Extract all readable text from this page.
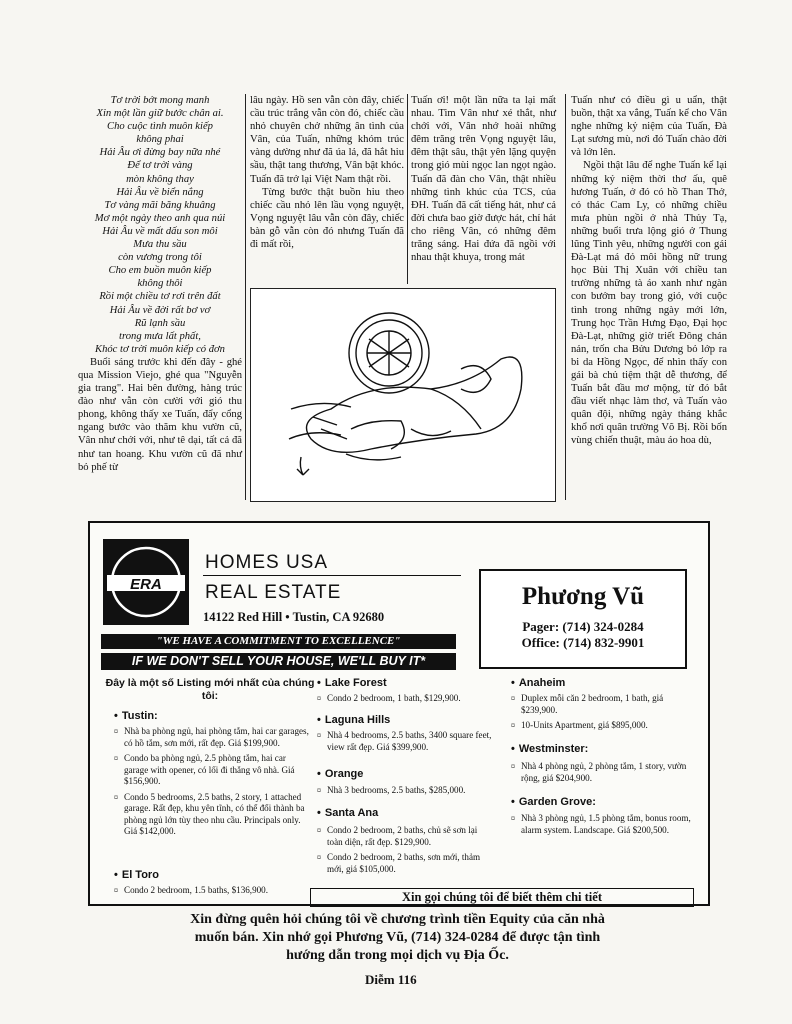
Tơ trời bớt mong manh
Xin một lần giữ bước chân ai.
Cho cuộc tình muôn kiếp
không phai
Hải Âu ơi đừng bay nữa nhé
Để tơ trời vàng
mòn không thay
Hải Âu về biển nắng
Tơ vàng mãi băng khuâng
Mơ một ngày theo anh qua núi
Hải Âu về mất dấu son môi
Mưa thu sầu
còn vương trong tôi
Cho em buồn muôn kiếp
không thôi
Rồi một chiều tơ rơi trên đất
Hải Âu về đời rất bơ vơ
Rũ lạnh sầu
trong mưa lất phất,
Khóc tơ trời muôn kiếp có đơn

Buổi sáng trước khi đến đây - ghé qua Mission Viejo, ghé qua "Nguyễn gia trang". Hai bên đường, hàng trúc đào như vẫn còn cười với gió thu phong, không thấy xe Tuấn, đẩy cổng ngang bước vào thăm khu vườn cũ, Vân như chới với, như tê dại, tất cả đã như tan hoang. Khu vườn cũ đã như bỏ phế từ

lâu ngày. Hồ sen vẫn còn đây, chiếc cầu trúc trắng vẫn còn đó, chiếc cầu nhỏ chuyên chở những ân tình của Vân, của Tuấn, những khóm trúc vàng dường như đã úa lả, đã hắt hiu sầu, thật tang thương, Vân bật khóc. Tuấn đã trở lại Việt Nam thật rồi.

Từng bước thật buồn hiu theo chiếc cầu nhỏ lên lầu vọng nguyệt, Vọng nguyệt lâu vẫn còn đây, chiếc bàn gỗ vẫn còn đó nhưng Tuấn đã đi mất rồi,

Tuấn ơi! một lần nữa ta lại mất nhau. Tim Vân như xé thắt, như chới với, Vân nhớ hoài những đêm trăng trên Vọng nguyệt lâu, đêm thật sâu, thật yên lặng quyện trong gió mùi ngọc lan ngọt ngào. Tuấn đã đàn cho Vân, thật nhiều những tình khúc của TCS, của ĐH. Tuấn đã cất tiếng hát, như cả đời chưa bao giờ được hát, chỉ hát cho riêng Vân, có những đêm trăng sáng. Hai đứa đã ngồi với nhau thật khuya, trong mát

Tuấn như có điều gì u uẩn, thật buồn, thật xa vắng, Tuấn kể cho Vân nghe những kỷ niệm của Tuấn, Đà Lạt sương mù, nơi đó Tuấn chào đời và lớn lên.

Ngồi thật lâu để nghe Tuấn kể lại những kỷ niệm thời thơ ấu, quê hương Tuấn, ở đó có hồ Than Thở, có thác Cam Ly, có những chiều mưa phùn ngồi ở nhà Thủy Tạ, những buổi trưa lộng gió ở Thung lũng Tình yêu, những người con gái Đà-Lạt má đỏ môi hồng nữ trung học Bùi Thị Xuân với chiều tan trường những tà áo xanh như ngàn con bướm bay trong gió, với cuộc tình trong những ngày mới lớn, Trung học Trần Hưng Đạo, Đại học Đà-Lạt, những giờ triết Đông chán nản, trốn cha Bửu Dương bỏ lớp ra bi da Hồng Ngọc, để nhìn thấy con gái bà chủ tiệm thật dễ thương, để Tuấn bắt đầu mơ mộng, từ đó bắt đầu viết nhạc làm thơ, và Tuấn vào quân đội, những ngày tháng khắc khổ nơi quân trường Võ Bị. Rồi bốn vùng chiến thuật, màu áo hoa dù,

ERA
HOMES USA
REAL ESTATE
14122 Red Hill • Tustin, CA 92680
"WE HAVE A COMMITMENT TO EXCELLENCE"
IF WE DON'T SELL YOUR HOUSE, WE'LL BUY IT*
Phương Vũ
Pager: (714) 324-0284
Office: (714) 832-9901
Đây là một số Listing mới nhất của chúng tôi:
• Tustin:
¤ Nhà ba phòng ngủ, hai phòng tắm, hai car garages, có hồ tắm, sơn mới, rất đẹp. Giá $199,900.
¤ Condo ba phòng ngủ, 2.5 phòng tắm, hai car garage with opener, có lối đi thẳng vô nhà. Giá $156,900.
¤ Condo 5 bedrooms, 2.5 baths, 2 story, 1 attached garage. Rất đẹp, khu yên tĩnh, có thể đổi thành ba phòng ngủ lớn tùy theo nhu cầu. Principals only. Giá $142,000.
• El Toro
¤ Condo 2 bedroom, 1.5 baths, $136,900.
• Lake Forest
¤ Condo 2 bedroom, 1 bath, $129,900.
• Laguna Hills
¤ Nhà 4 bedrooms, 2.5 baths, 3400 square feet, view rất đẹp. Giá $399,900.
• Orange
¤ Nhà 3 bedrooms, 2.5 baths, $285,000.
• Santa Ana
¤ Condo 2 bedroom, 2 baths, chủ sẽ sơn lại toàn diện, rất đẹp. $129,900.
¤ Condo 2 bedroom, 2 baths, sơn mới, thảm mới, giá $105,000.
• Anaheim
¤ Duplex mỗi căn 2 bedroom, 1 bath, giá $239,900.
¤ 10-Units Apartment, giá $895,000.
• Westminster:
¤ Nhà 4 phòng ngủ, 2 phòng tắm, 1 story, vườn rộng, giá $204,900.
• Garden Grove:
¤ Nhà 3 phòng ngủ, 1.5 phòng tắm, bonus room, alarm system. Landscape. Giá $200,500.
Xin gọi chúng tôi để biết thêm chi tiết
Xin đừng quên hỏi chúng tôi về chương trình tiền Equity của căn nhà
muốn bán. Xin nhớ gọi Phương Vũ, (714) 324-0284 để được tận tình
hướng dẫn trong mọi dịch vụ Địa Ốc.
Diễm 116
